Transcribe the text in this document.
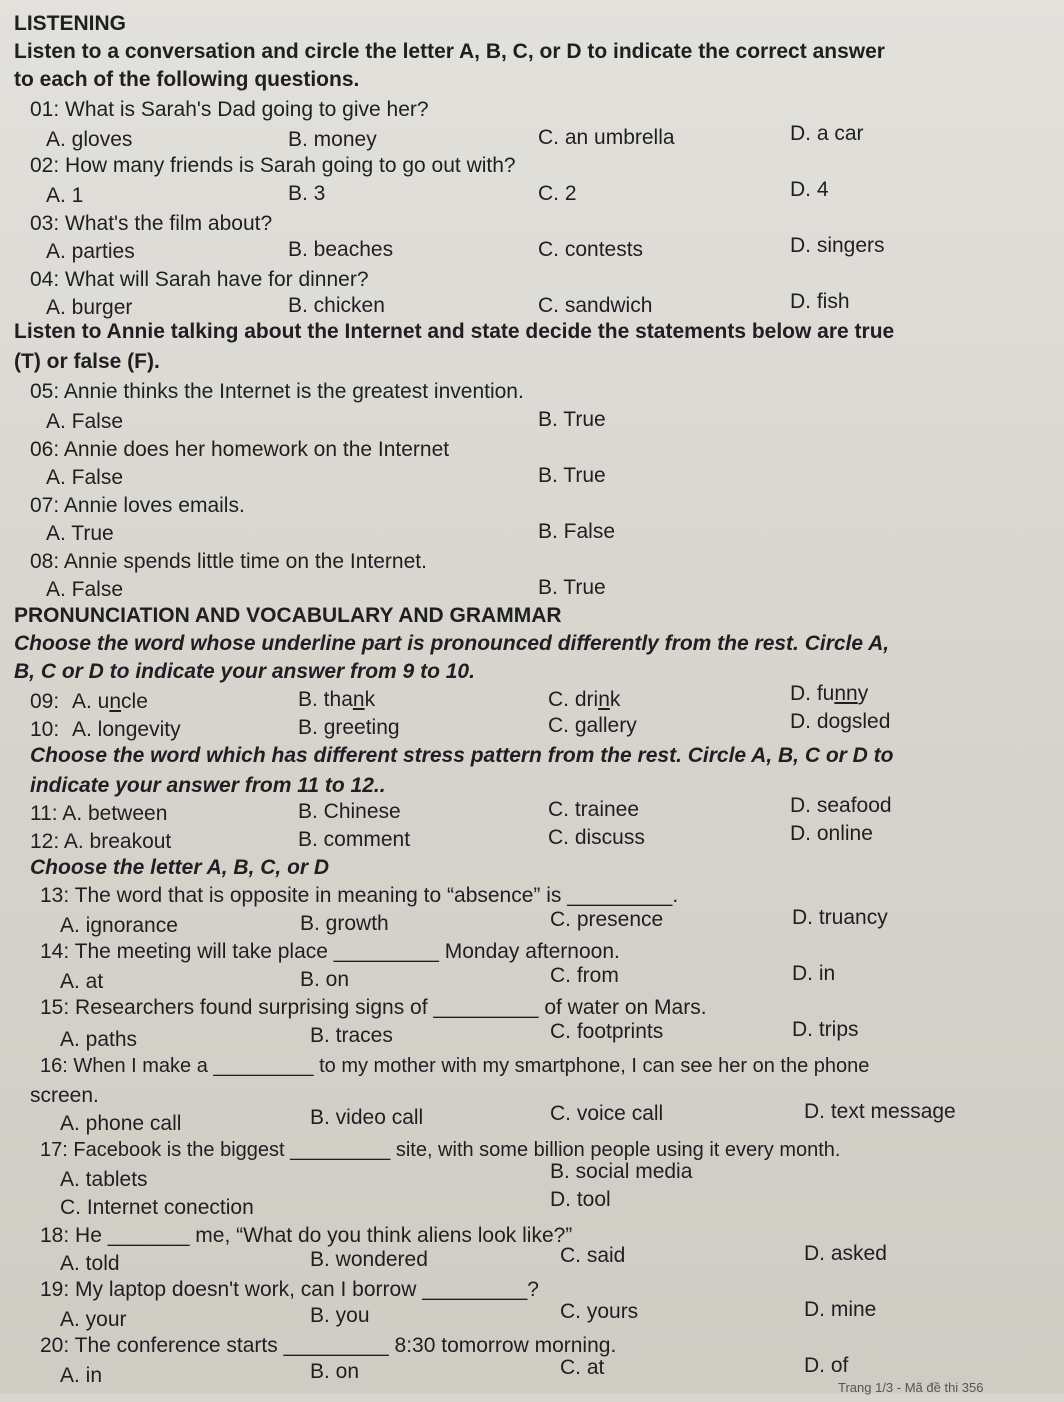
LISTENING
Listen to a conversation and circle the letter A, B, C, or D to indicate the correct answer
to each of the following questions.
01: What is Sarah's Dad going to give her?
A. gloves	B. money	C. an umbrella	D. a car
02: How many friends is Sarah going to go out with?
A. 1	B. 3	C. 2	D. 4
03: What's the film about?
A. parties	B. beaches	C. contests	D. singers
04: What will Sarah have for dinner?
A. burger	B. chicken	C. sandwich	D. fish
Listen to Annie talking about the Internet and state decide the statements below are true
(T) or false (F).
05: Annie thinks the Internet is the greatest invention.
A. False	B. True
06: Annie does her homework on the Internet
A. False	B. True
07: Annie loves emails.
A. True	B. False
08: Annie spends little time on the Internet.
A. False	B. True
PRONUNCIATION AND VOCABULARY AND GRAMMAR
Choose the word whose underline part is pronounced differently from the rest. Circle A,
B, C or D to indicate your answer from 9 to 10.
09: A. uncle	B. thank	C. drink	D. funny
10: A. longevity	B. greeting	C. gallery	D. dogsled
Choose the word which has different stress pattern from the rest. Circle A, B, C or D to
indicate your answer from 11 to 12..
11: A. between	B. Chinese	C. trainee	D. seafood
12: A. breakout	B. comment	C. discuss	D. online
Choose the letter A, B, C, or D
13: The word that is opposite in meaning to “absence” is _________.
A. ignorance	B. growth	C. presence	D. truancy
14: The meeting will take place _________ Monday afternoon.
A. at	B. on	C. from	D. in
15: Researchers found surprising signs of _________ of water on Mars.
A. paths	B. traces	C. footprints	D. trips
16: When I make a _________ to my mother with my smartphone, I can see her on the phone
screen.
A. phone call	B. video call	C. voice call	D. text message
17: Facebook is the biggest _________ site, with some billion people using it every month.
A. tablets	B. social media
C. Internet conection	D. tool
18: He _______ me, “What do you think aliens look like?”
A. told	B. wondered	C. said	D. asked
19: My laptop doesn't work, can I borrow _________?
A. your	B. you	C. yours	D. mine
20: The conference starts _________ 8:30 tomorrow morning.
A. in	B. on	C. at	D. of
Trang 1/3 - Mã đề thi 356
